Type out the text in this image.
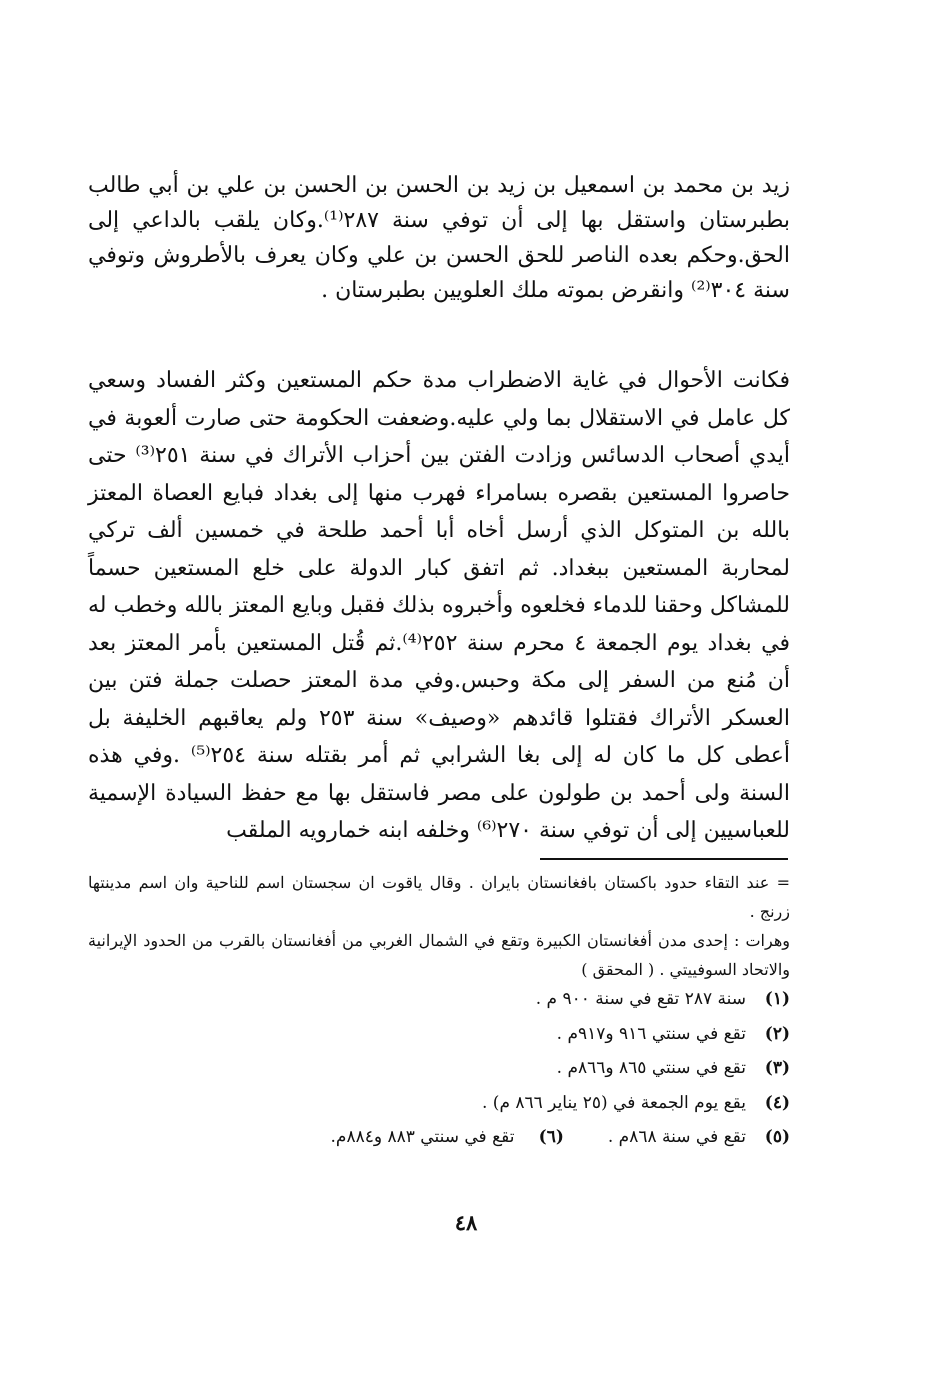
زيد بن محمد بن اسمعيل بن زيد بن الحسن بن الحسن بن علي بن أبي طالب بطبرستان واستقل بها إلى أن توفي سنة ٢٨٧⁽¹⁾.وكان يلقب بالداعي إلى الحق.وحكم بعده الناصر للحق الحسن بن علي وكان يعرف بالأطروش وتوفي سنة ٣٠٤⁽²⁾ وانقرض بموته ملك العلويين بطبرستان .

فكانت الأحوال في غاية الاضطراب مدة حكم المستعين وكثر الفساد وسعي كل عامل في الاستقلال بما ولي عليه.وضعفت الحكومة حتى صارت ألعوبة في أيدي أصحاب الدسائس وزادت الفتن بين أحزاب الأتراك في سنة ٢٥١⁽³⁾ حتى حاصروا المستعين بقصره بسامراء فهرب منها إلى بغداد فبايع العصاة المعتز بالله بن المتوكل الذي أرسل أخاه أبا أحمد طلحة في خمسين ألف تركي لمحاربة المستعين ببغداد. ثم اتفق كبار الدولة على خلع المستعين حسماً للمشاكل وحقنا للدماء فخلعوه وأخبروه بذلك فقبل وبايع المعتز بالله وخطب له في بغداد يوم الجمعة ٤ محرم سنة ٢٥٢⁽⁴⁾.ثم قُتل المستعين بأمر المعتز بعد أن مُنع من السفر إلى مكة وحبس.وفي مدة المعتز حصلت جملة فتن بين العسكر الأتراك فقتلوا قائدهم «وصيف» سنة ٢٥٣ ولم يعاقبهم الخليفة بل أعطى كل ما كان له إلى بغا الشرابي ثم أمر بقتله سنة ٢٥٤⁽⁵⁾ .وفي هذه السنة ولى أحمد بن طولون على مصر فاستقل بها مع حفظ السيادة الإسمية للعباسيين إلى أن توفي سنة ٢٧٠⁽⁶⁾ وخلفه ابنه خمارويه الملقب

= عند التقاء حدود باكستان بافغانستان بايران . وقال ياقوت ان سجستان اسم للناحية وان اسم مدينتها زرنج .

وهرات : إحدى مدن أفغانستان الكبيرة وتقع في الشمال الغربي من أفغانستان بالقرب من الحدود الإيرانية والاتحاد السوفييتي . ( المحقق )

(١)
سنة ٢٨٧ تقع في سنة ٩٠٠ م .
(٢)
تقع في سنتي ٩١٦ و٩١٧م .
(٣)
تقع في سنتي ٨٦٥ و٨٦٦م .
(٤)
يقع يوم الجمعة في (٢٥ يناير ٨٦٦ م) .
(٥)
تقع في سنة ٨٦٨م .
(٦) تقع في سنتي ٨٨٣ و٨٨٤م.
٤٨
